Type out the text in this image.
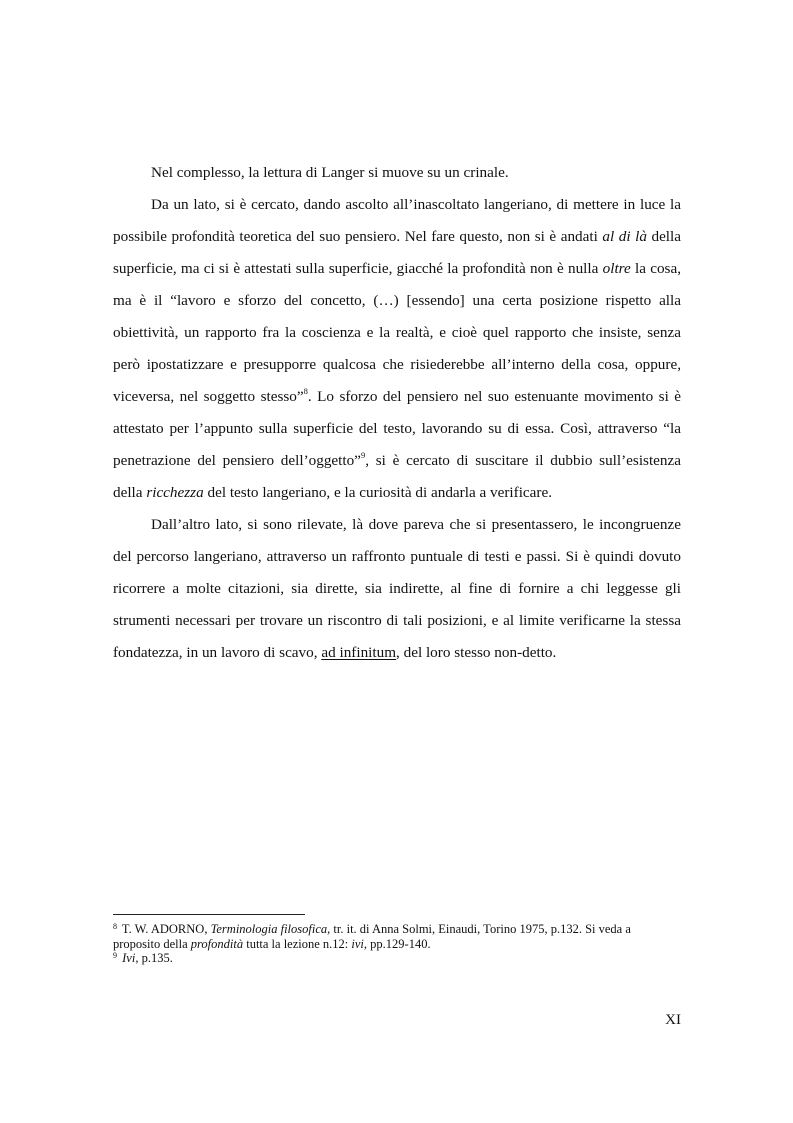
Nel complesso, la lettura di Langer si muove su un crinale.

Da un lato, si è cercato, dando ascolto all’inascoltato langeriano, di mettere in luce la possibile profondità teoretica del suo pensiero. Nel fare questo, non si è andati al di là della superficie, ma ci si è attestati sulla superficie, giacché la profondità non è nulla oltre la cosa, ma è il “lavoro e sforzo del concetto, (…) [essendo] una certa posizione rispetto alla obiettività, un rapporto fra la coscienza e la realtà, e cioè quel rapporto che insiste, senza però ipostatizzare e presupporre qualcosa che risiederebbe all’interno della cosa, oppure, viceversa, nel soggetto stesso”$^8$. Lo sforzo del pensiero nel suo estenuante movimento si è attestato per l’appunto sulla superficie del testo, lavorando su di essa. Così, attraverso “la penetrazione del pensiero dell’oggetto”$^9$, si è cercato di suscitare il dubbio sull’esistenza della ricchezza del testo langeriano, e la curiosità di andarla a verificare.

Dall’altro lato, si sono rilevate, là dove pareva che si presentassero, le incongruenze del percorso langeriano, attraverso un raffronto puntuale di testi e passi. Si è quindi dovuto ricorrere a molte citazioni, sia dirette, sia indirette, al fine di fornire a chi leggesse gli strumenti necessari per trovare un riscontro di tali posizioni, e al limite verificarne la stessa fondatezza, in un lavoro di scavo, ad infinitum, del loro stesso non-detto.

$^8$ T. W. ADORNO, Terminologia filosofica, tr. it. di Anna Solmi, Einaudi, Torino 1975, p.132. Si veda a proposito della profondità tutta la lezione n.12: ivi, pp.129-140.

$^9$ Ivi, p.135.

XI
